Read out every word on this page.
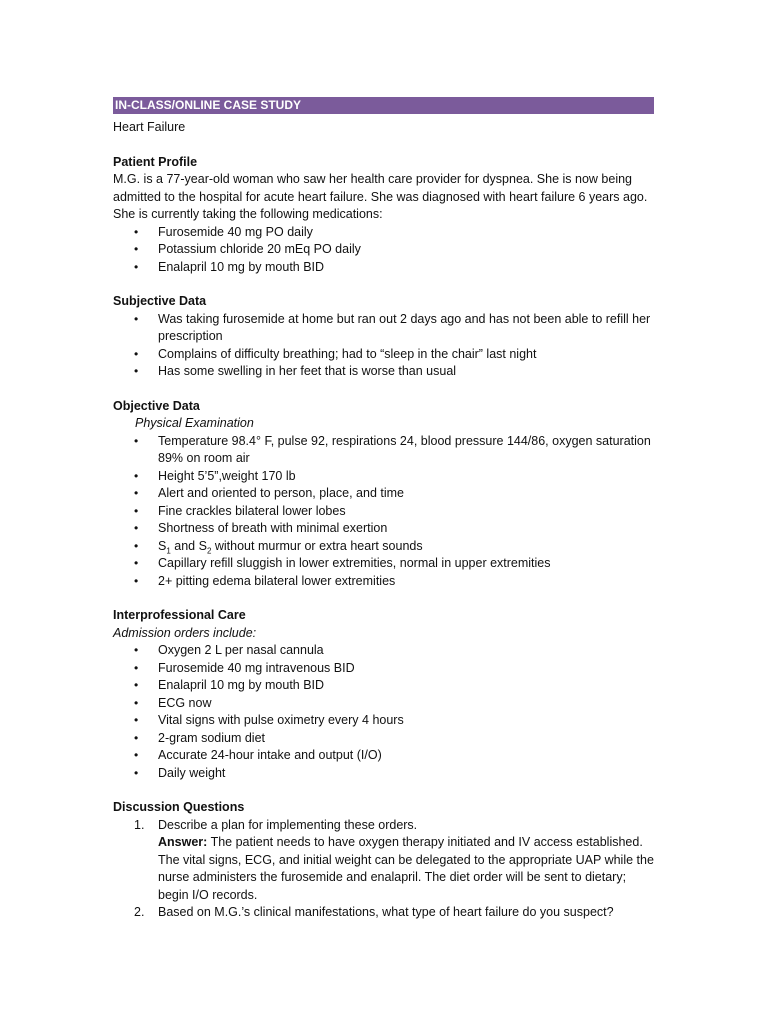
IN-CLASS/ONLINE CASE STUDY
Heart Failure
Patient Profile

M.G. is a 77-year-old woman who saw her health care provider for dyspnea. She is now being admitted to the hospital for acute heart failure. She was diagnosed with heart failure 6 years ago. She is currently taking the following medications:

• Furosemide 40 mg PO daily
• Potassium chloride 20 mEq PO daily
• Enalapril 10 mg by mouth BID
Subjective Data
• Was taking furosemide at home but ran out 2 days ago and has not been able to refill her prescription
• Complains of difficulty breathing; had to “sleep in the chair” last night
• Has some swelling in her feet that is worse than usual
Objective Data
Physical Examination
• Temperature 98.4° F, pulse 92, respirations 24, blood pressure 144/86, oxygen saturation 89% on room air
• Height 5’5”,weight 170 lb
• Alert and oriented to person, place, and time
• Fine crackles bilateral lower lobes
• Shortness of breath with minimal exertion
• $S_1$ and $S_2$ without murmur or extra heart sounds
• Capillary refill sluggish in lower extremities, normal in upper extremities
• 2+ pitting edema bilateral lower extremities
Interprofessional Care
Admission orders include:
• Oxygen 2 L per nasal cannula
• Furosemide 40 mg intravenous BID
• Enalapril 10 mg by mouth BID
• ECG now
• Vital signs with pulse oximetry every 4 hours
• 2-gram sodium diet
• Accurate 24-hour intake and output (I/O)
• Daily weight
Discussion Questions
1. Describe a plan for implementing these orders.
Answer: The patient needs to have oxygen therapy initiated and IV access established. The vital signs, ECG, and initial weight can be delegated to the appropriate UAP while the nurse administers the furosemide and enalapril. The diet order will be sent to dietary; begin I/O records.
2. Based on M.G.’s clinical manifestations, what type of heart failure do you suspect?
